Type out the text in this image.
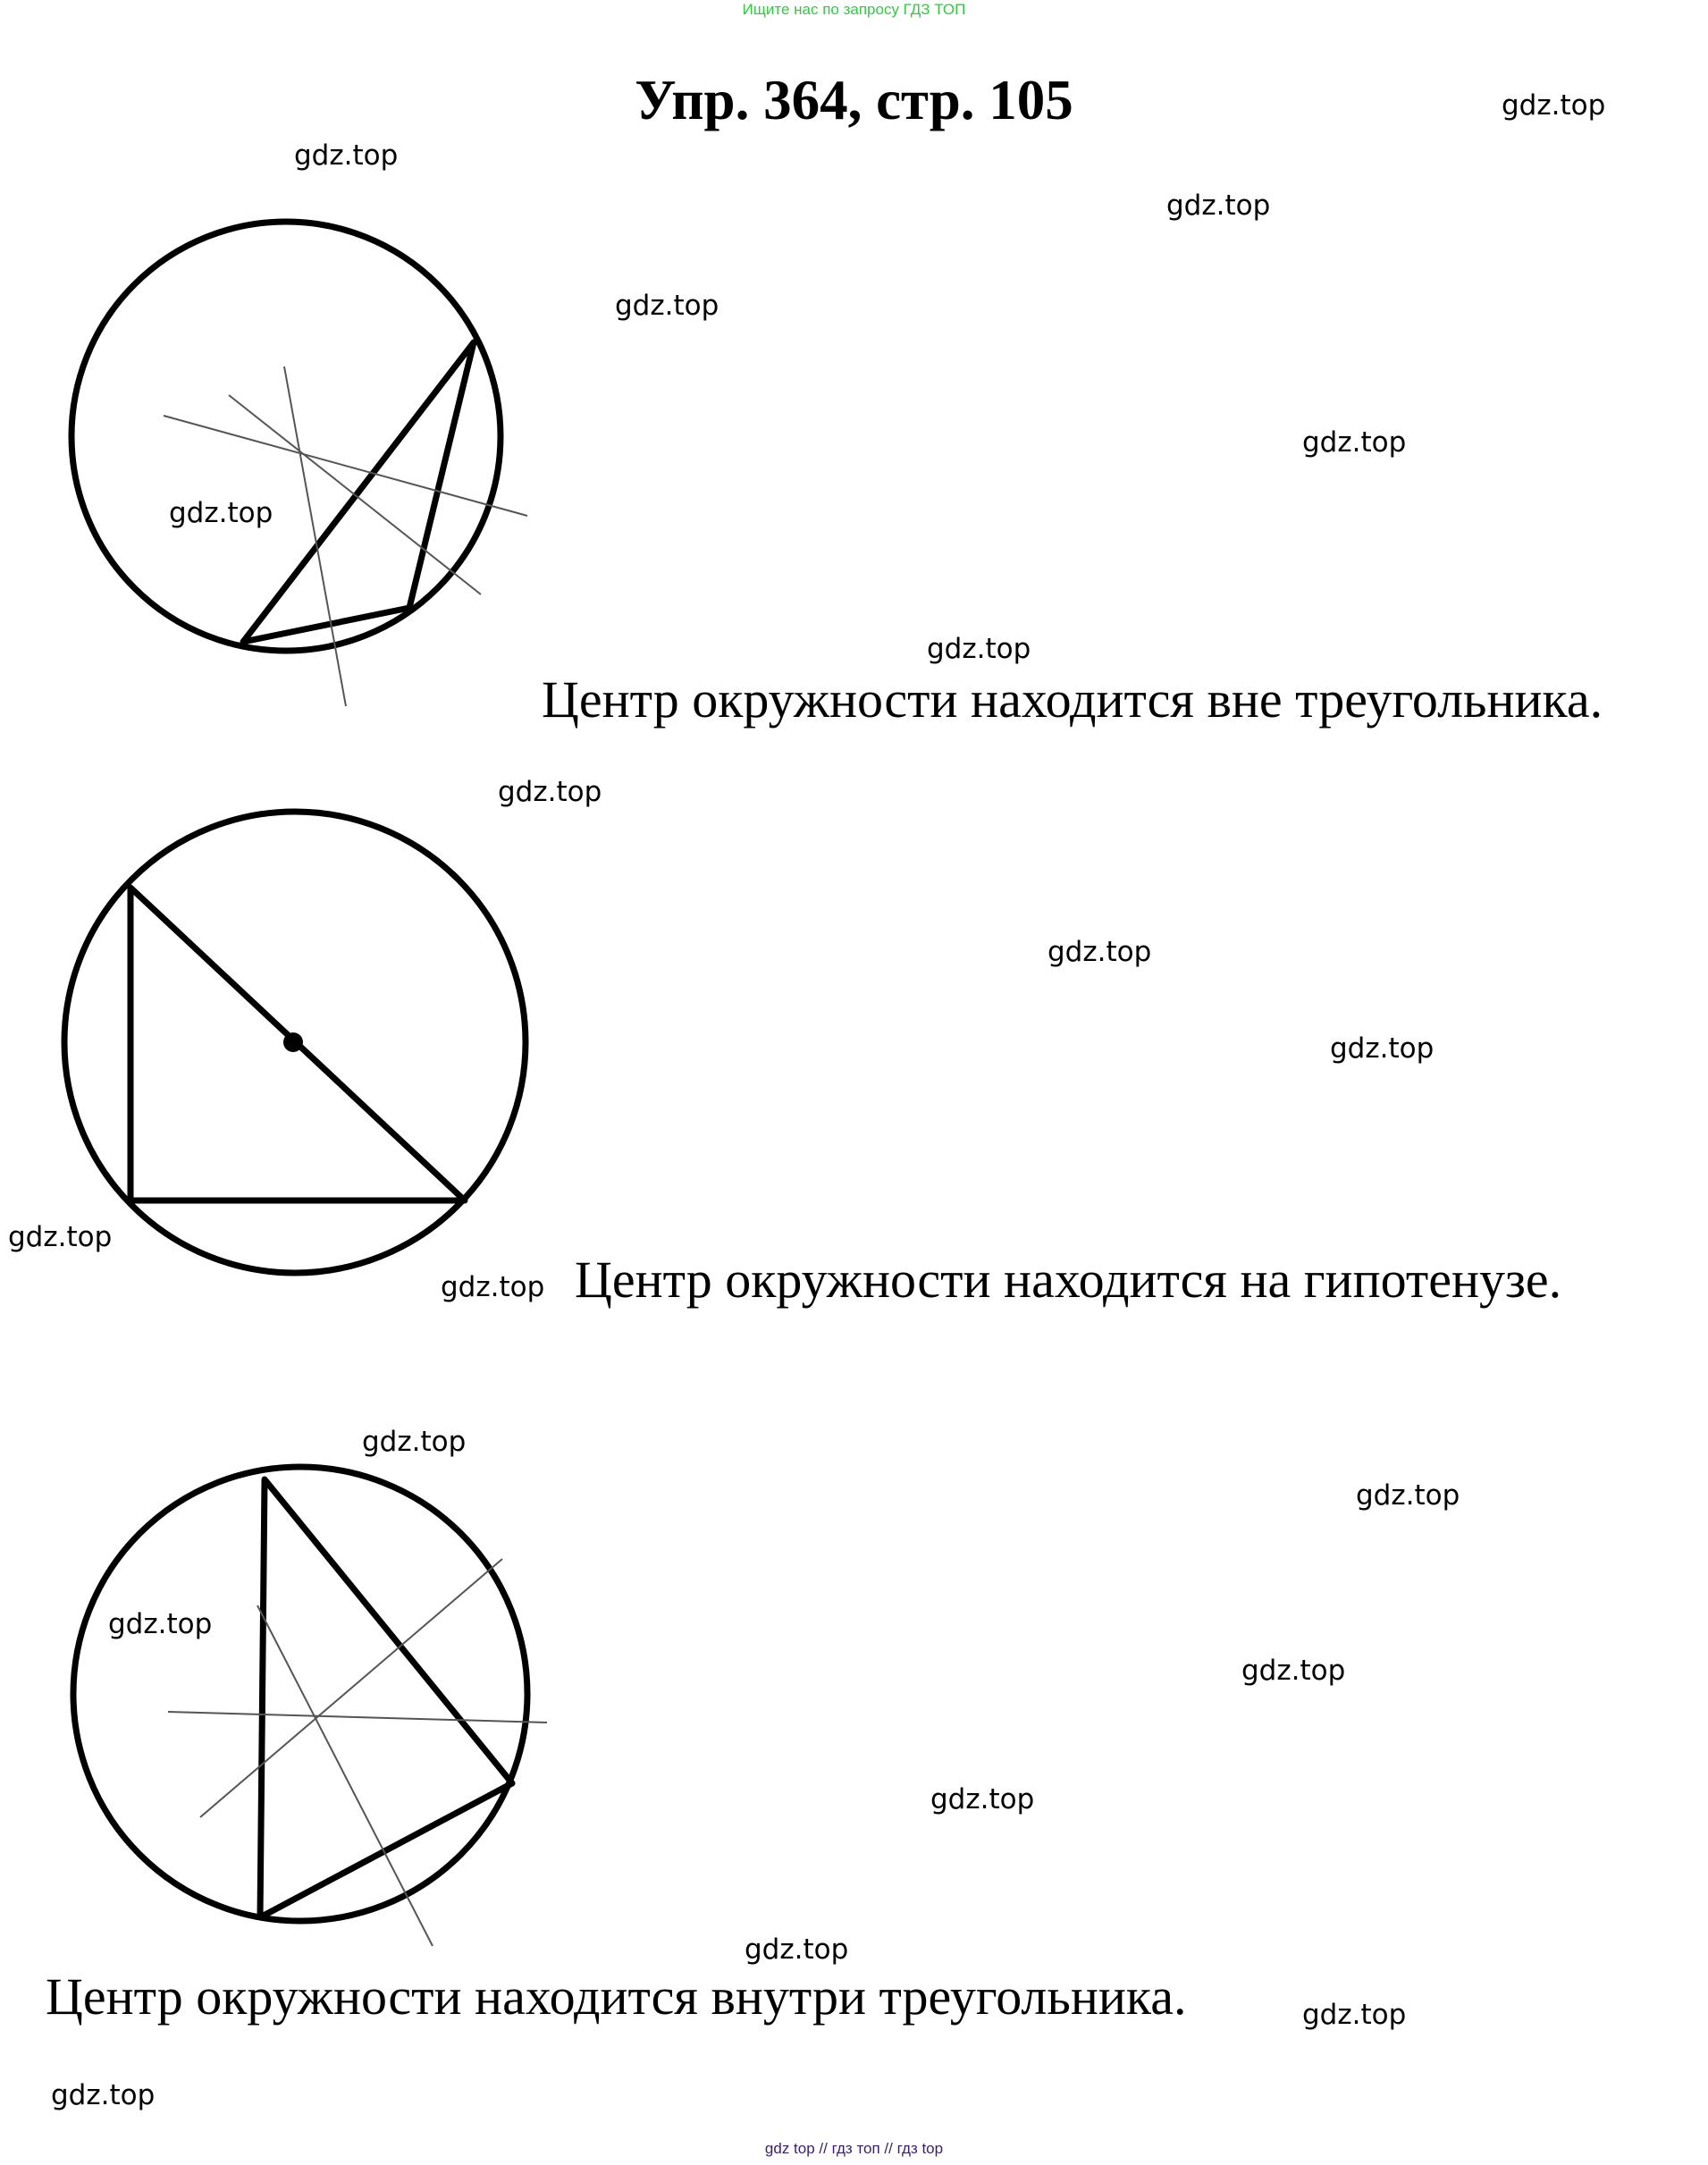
Ищите нас по запросу ГДЗ ТОП
Упр. 364, стр. 105
Центр окружности находится вне треугольника.
Центр окружности находится на гипотенузе.
Центр окружности находится внутри треугольника.
gdz.top
gdz.top
gdz.top
gdz.top
gdz.top
gdz.top
gdz.top
gdz.top
gdz.top
gdz.top
gdz.top
gdz.top
gdz.top
gdz.top
gdz.top
gdz.top
gdz.top
gdz.top
gdz.top
gdz.top
gdz top // гдз топ // гдз top
